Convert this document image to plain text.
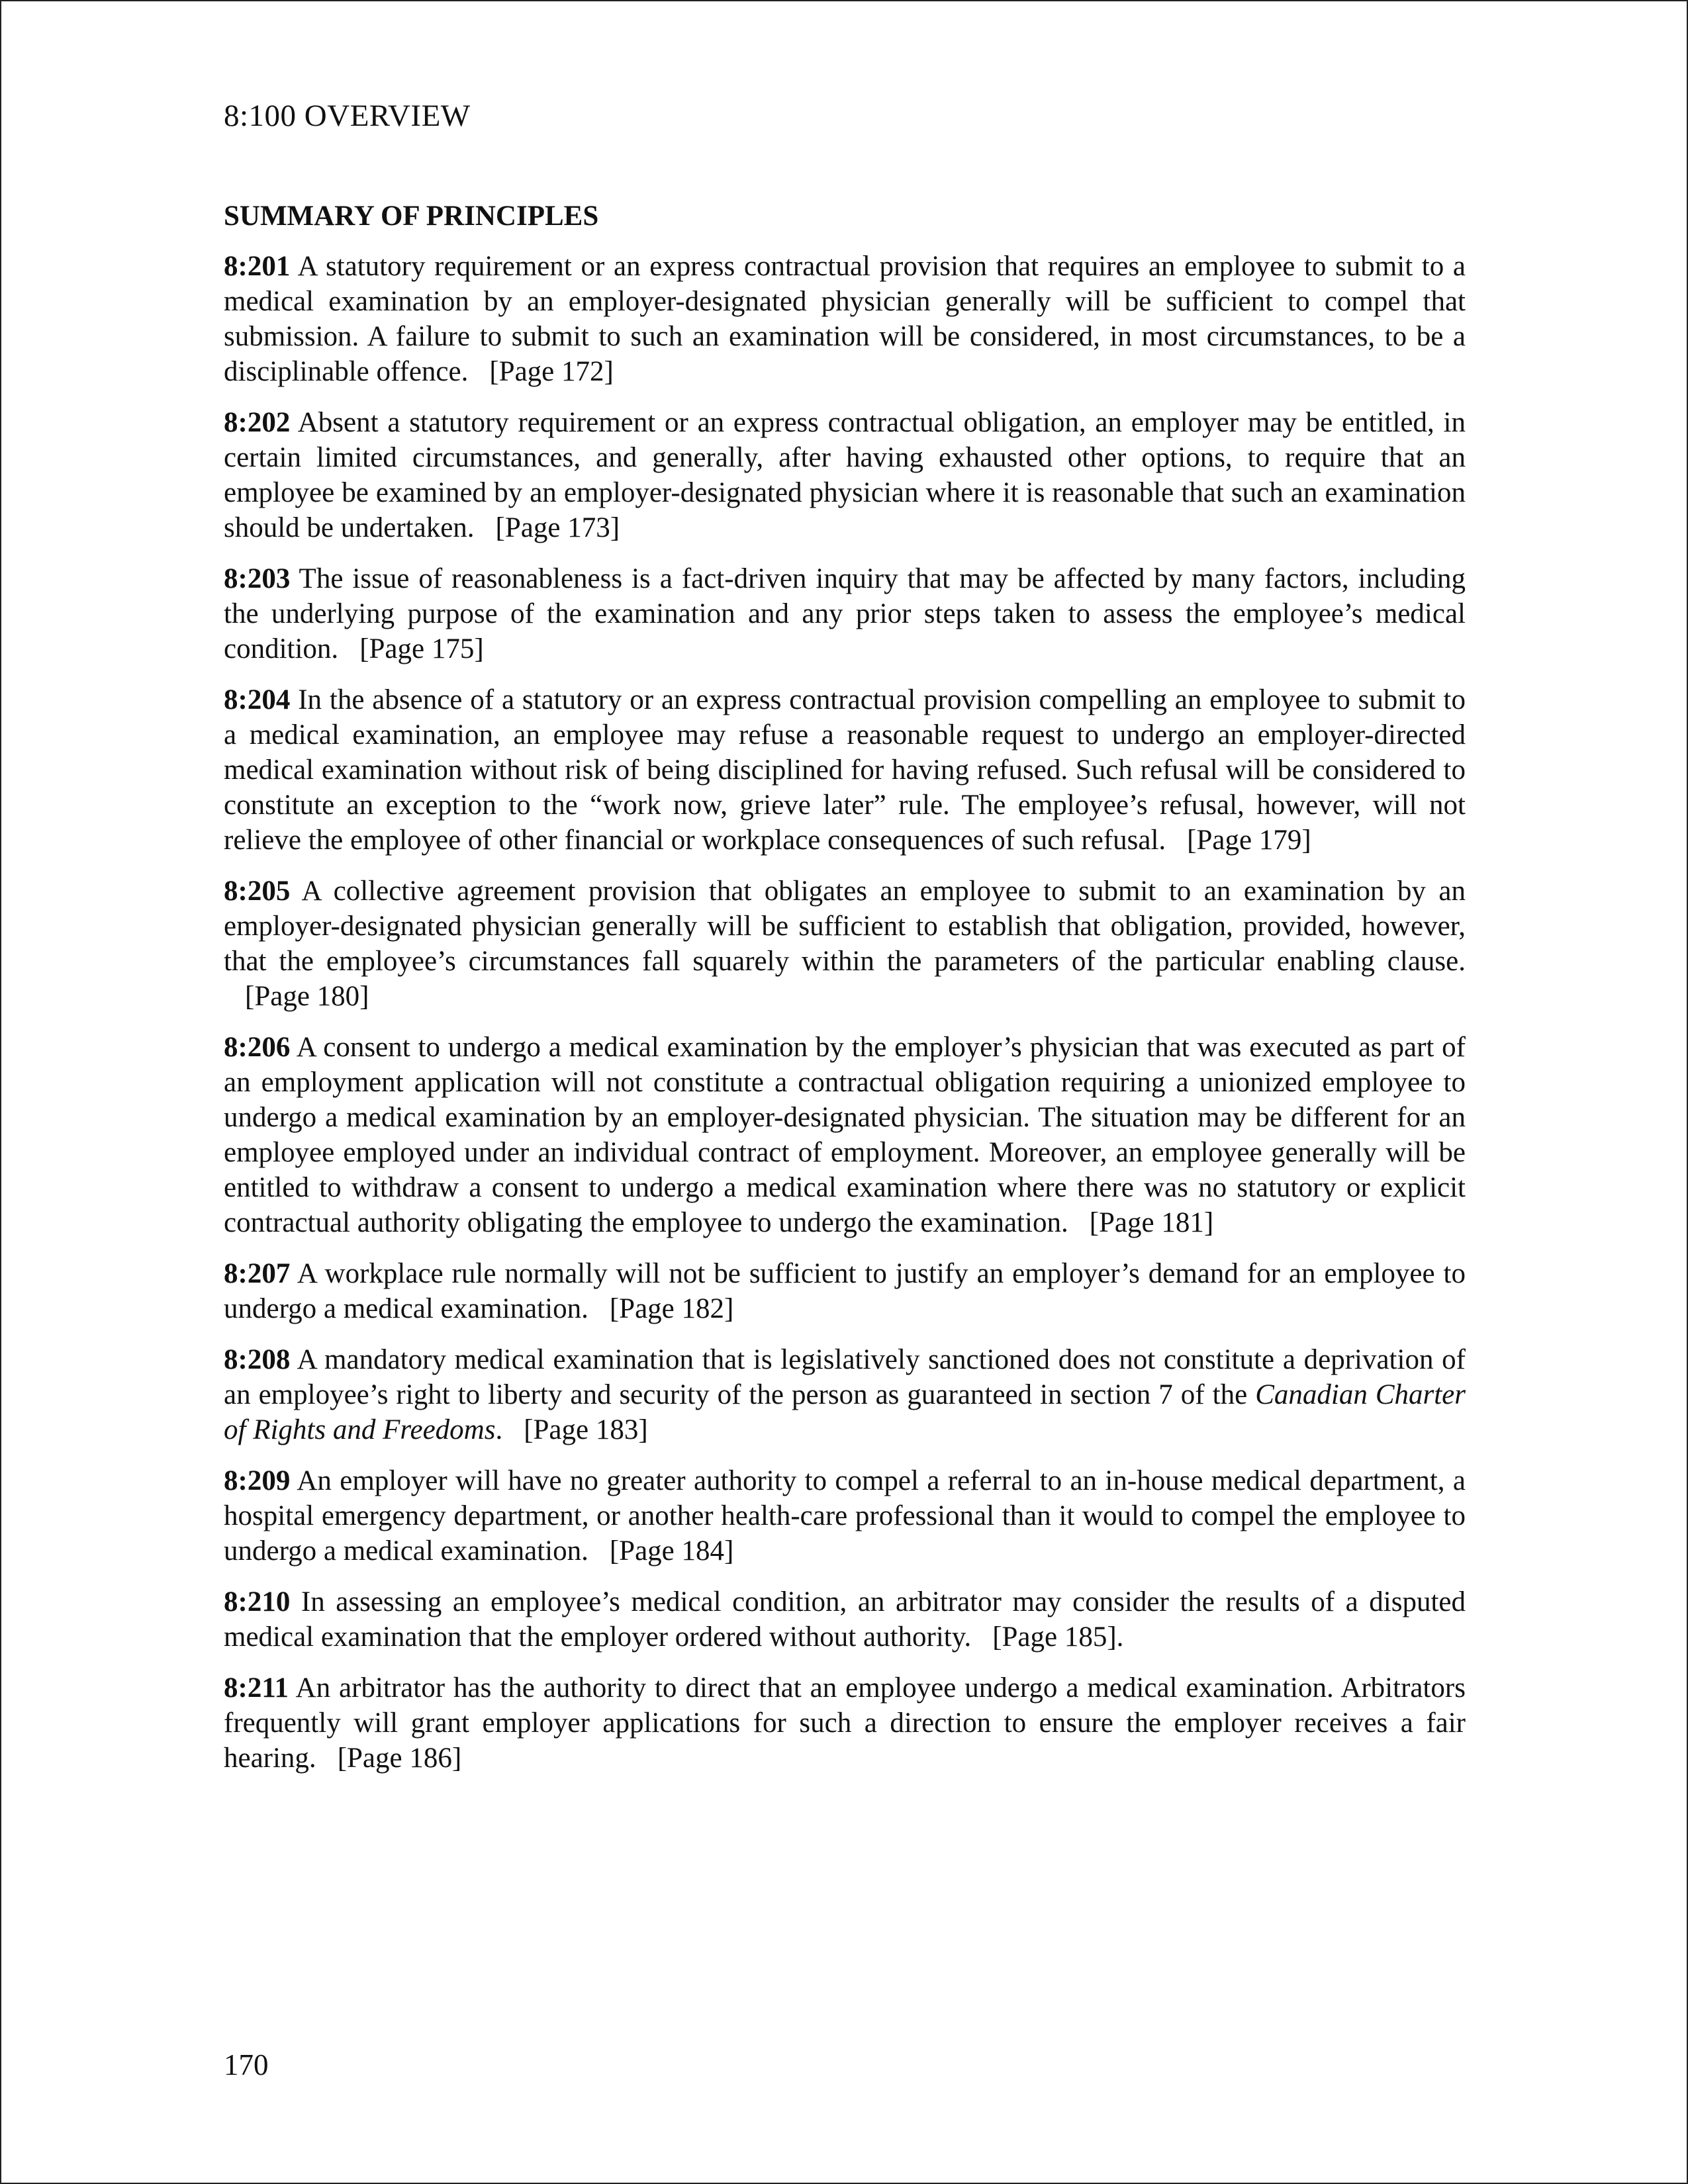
8:100 OVERVIEW
SUMMARY OF PRINCIPLES

8:201 A statutory requirement or an express contractual provision that requires an employee to submit to a medical examination by an employer-designated physician generally will be sufficient to compel that submission. A failure to submit to such an examination will be considered, in most circumstances, to be a disciplinable offence. [Page 172]

8:202 Absent a statutory requirement or an express contractual obligation, an employer may be entitled, in certain limited circumstances, and generally, after having exhausted other options, to require that an employee be examined by an employer-designated physician where it is reasonable that such an examination should be undertaken. [Page 173]

8:203 The issue of reasonableness is a fact-driven inquiry that may be affected by many factors, including the underlying purpose of the examination and any prior steps taken to assess the employee’s medical condition. [Page 175]

8:204 In the absence of a statutory or an express contractual provision compelling an employee to submit to a medical examination, an employee may refuse a reasonable request to undergo an employer-directed medical examination without risk of being disciplined for having refused. Such refusal will be considered to constitute an exception to the “work now, grieve later” rule. The employee’s refusal, however, will not relieve the employee of other financial or workplace consequences of such refusal. [Page 179]

8:205 A collective agreement provision that obligates an employee to submit to an examination by an employer-designated physician generally will be sufficient to establish that obligation, provided, however, that the employee’s circumstances fall squarely within the parameters of the particular enabling clause.[Page 180]

8:206 A consent to undergo a medical examination by the employer’s physician that was executed as part of an employment application will not constitute a contractual obligation requiring a unionized employee to undergo a medical examination by an employer-designated physician. The situation may be different for an employee employed under an individual contract of employment. Moreover, an employee generally will be entitled to withdraw a consent to undergo a medical examination where there was no statutory or explicit contractual authority obligating the employee to undergo the examination. [Page 181]

8:207 A workplace rule normally will not be sufficient to justify an employer’s demand for an employee to undergo a medical examination. [Page 182]

8:208 A mandatory medical examination that is legislatively sanctioned does not constitute a deprivation of an employee’s right to liberty and security of the person as guaranteed in section 7 of the Canadian Charter of Rights and Freedoms. [Page 183]

8:209 An employer will have no greater authority to compel a referral to an in-house medical department, a hospital emergency department, or another health-care professional than it would to compel the employee to undergo a medical examination. [Page 184]

8:210 In assessing an employee’s medical condition, an arbitrator may consider the results of a disputed medical examination that the employer ordered without authority. [Page 185].

8:211 An arbitrator has the authority to direct that an employee undergo a medical examination. Arbitrators frequently will grant employer applications for such a direction to ensure the employer receives a fair hearing. [Page 186]

170
